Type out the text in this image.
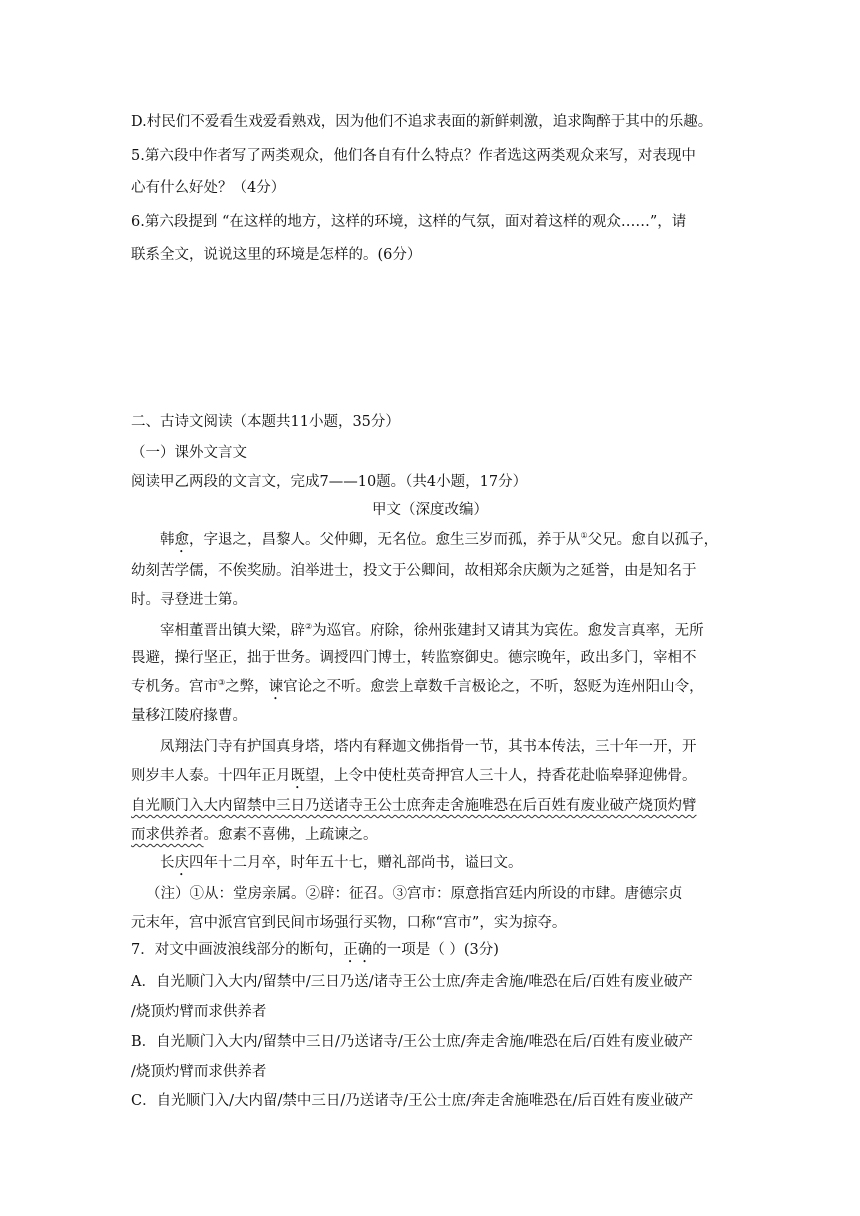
D.村民们不爱看生戏爱看熟戏，因为他们不追求表面的新鲜刺激，追求陶醉于其中的乐趣。
5.第六段中作者写了两类观众，他们各自有什么特点？作者选这两类观众来写，对表现中
心有什么好处？（4分）
6.第六段提到 “在这样的地方，这样的环境，这样的气氛，面对着这样的观众……”，请
联系全文，说说这里的环境是怎样的。(6分）
二、古诗文阅读（本题共11小题，35分）
（一）课外文言文
阅读甲乙两段的文言文，完成7——10题。（共4小题，17分）
甲文（深度改编）
韩愈，字退之，昌黎人。父仲卿，无名位。愈生三岁而孤，养于从①父兄。愈自以孤子，
幼刻苦学儒，不俟奖励。洎举进士，投文于公卿间，故相郑余庆颇为之延誉，由是知名于
时。寻登进士第。
宰相董晋出镇大梁，辟②为巡官。府除，徐州张建封又请其为宾佐。愈发言真率，无所
畏避，操行坚正，拙于世务。调授四门博士，转监察御史。德宗晚年，政出多门，宰相不
专机务。宫市③之弊，谏官论之不听。愈尝上章数千言极论之，不听，怒贬为连州阳山令，
量移江陵府掾曹。
凤翔法门寺有护国真身塔，塔内有释迦文佛指骨一节，其书本传法，三十年一开，开
则岁丰人泰。十四年正月既望，上令中使杜英奇押宫人三十人，持香花赴临皋驿迎佛骨。
自光顺门入大内留禁中三日乃送诸寺王公士庶奔走舍施唯恐在后百姓有废业破产烧顶灼臂
而求供养者。愈素不喜佛，上疏谏之。
长庆四年十二月卒，时年五十七，赠礼部尚书，谥曰文。
（注）①从：堂房亲属。②辟：征召。③宫市：原意指宫廷内所设的市肆。唐德宗贞
元末年，宫中派宫官到民间市场强行买物，口称“宫市”，实为掠夺。
7．对文中画波浪线部分的断句，正确的一项是（ ）(3分)
A．自光顺门入大内/留禁中/三日乃送/诸寺王公士庶/奔走舍施/唯恐在后/百姓有废业破产
/烧顶灼臂而求供养者
B．自光顺门入大内/留禁中三日/乃送诸寺/王公士庶/奔走舍施/唯恐在后/百姓有废业破产
/烧顶灼臂而求供养者
C．自光顺门入/大内留/禁中三日/乃送诸寺/王公士庶/奔走舍施唯恐在/后百姓有废业破产
